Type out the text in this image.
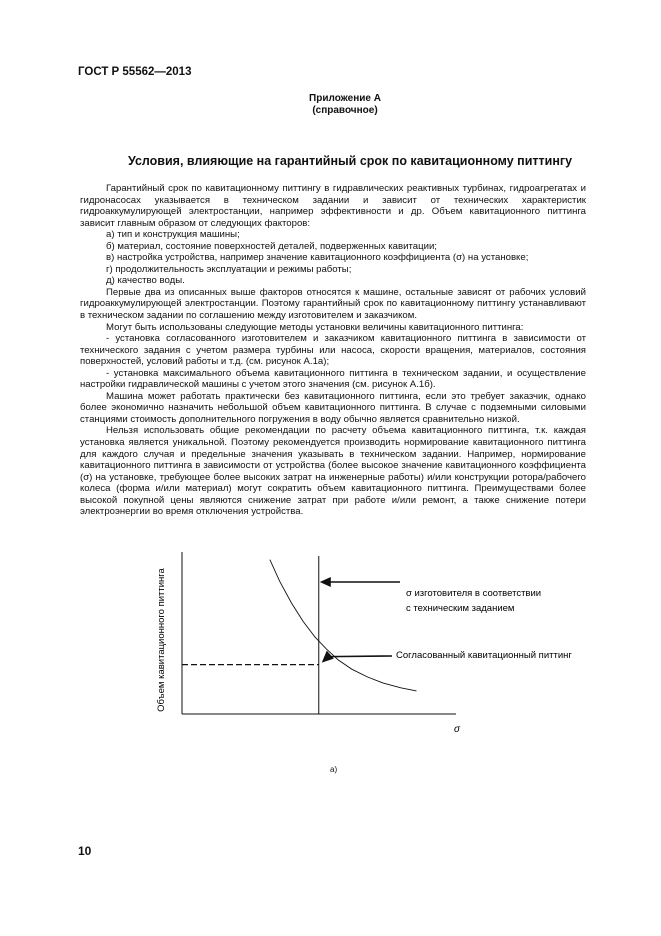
ГОСТ Р 55562—2013
Приложение А
(справочное)
Условия, влияющие на гарантийный срок по кавитационному питтингу

Гарантийный срок по кавитационному питтингу в гидравлических реактивных турбинах, гидроагрегатах и гидронасосах указывается в техническом задании и зависит от технических характеристик гидроаккумулирующей электростанции, например эффективности и др. Объем кавитационного питтинга зависит главным образом от следующих факторов:

а) тип и конструкция машины;

б) материал, состояние поверхностей деталей, подверженных кавитации;

в) настройка устройства, например значение кавитационного коэффициента (σ) на установке;

г) продолжительность эксплуатации и режимы работы;

д) качество воды.

Первые два из описанных выше факторов относятся к машине, остальные зависят от рабочих условий гидроаккумулирующей электростанции. Поэтому гарантийный срок по кавитационному питтингу устанавливают в техническом задании по соглашению между изготовителем и заказчиком.

Могут быть использованы следующие методы установки величины кавитационного питтинга:

- установка согласованного изготовителем и заказчиком кавитационного питтинга в зависимости от технического задания с учетом размера турбины или насоса, скорости вращения, материалов, состояния поверхностей, условий работы и т.д. (см. рисунок А.1а);

- установка максимального объема кавитационного питтинга в техническом задании, и осуществление настройки гидравлической машины с учетом этого значения (см. рисунок А.1б).

Машина может работать практически без кавитационного питтинга, если это требует заказчик, однако более экономично назначить небольшой объем кавитационного питтинга. В случае с подземными силовыми станциями стоимость дополнительного погружения в воду обычно является сравнительно низкой.

Нельзя использовать общие рекомендации по расчету объема кавитационного питтинга, т.к. каждая установка является уникальной. Поэтому рекомендуется производить нормирование кавитационного питтинга для каждого случая и предельные значения указывать в техническом задании. Например, нормирование кавитационного питтинга в зависимости от устройства (более высокое значение кавитационного коэффициента (σ) на установке, требующее более высоких затрат на инженерные работы) и/или конструкции ротора/рабочего колеса (форма и/или материал) могут сократить объем кавитационного питтинга. Преимуществами более высокой покупной цены являются снижение затрат при работе и/или ремонт, а также снижение потери электроэнергии во время отключения устройства.

Объем кавитационного питтинга
σ
σ изготовителя в соответствии
с техническим заданием
Согласованный кавитационный питтинг
а)
10
